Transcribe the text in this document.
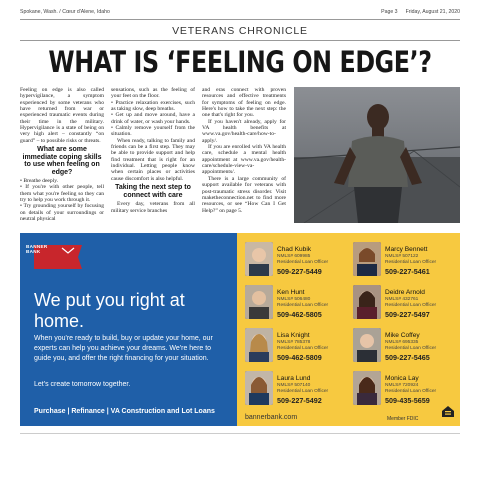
Spokane, Wash. / Cœur d'Alene, Idaho	Page 3 Friday, August 21, 2020
VETERANS CHRONICLE
WHAT IS ‘FEELING ON EDGE’?

Feeling on edge is also called hypervigilance, a symptom experienced by some veterans who have returned from war or experienced traumatic events during their time in the military. Hypervigilance is a state of being on very high alert – constantly “on guard” – to possible risks or threats.

What are some immediate coping skills to use when feeling on edge?

• Breathe deeply.

• If you're with other people, tell them what you're feeling so they can try to help you work through it.

• Try grounding yourself by focusing on details of your surroundings or neutral physical

sensations, such as the feeling of your feet on the floor.

• Practice relaxation exercises, such as taking slow, deep breaths.

• Get up and move around, have a drink of water, or wash your hands.

• Calmly remove yourself from the situation.

When ready, talking to family and friends can be a first step. They may be able to provide support and help find treatment that is right for an individual. Letting people know when certain places or activities cause discomfort is also helpful.

Taking the next step to connect with care

Every day, veterans from all military service branches

and eras connect with proven resources and effective treatments for symptoms of feeling on edge. Here's how to take the next step: the one that's right for you.

If you haven't already, apply for VA health benefits at www.va.gov/health-care/how-to-apply/.

If you are enrolled with VA health care, schedule a mental health appointment at www.va.gov/health-care/schedule-view-va-appointments/.

There is a large community of support available for veterans with post-traumatic stress disorder. Visit maketheconnection.net to find more resources, or see “How Can I Get Help?” on page 5.

BANNER
BANK
We put you right at home.
When you're ready to build, buy or update your home, our experts can help you achieve your dreams. We're here to guide you, and offer the right financing for your situation.
Let's create tomorrow together.
Purchase | Refinance | VA Construction and Lot Loans
Chad Kubik
NMLS# 609985
Residential Loan Officer
509-227-5449
Marcy Bennett
NMLS# 507122
Residential Loan Officer
509-227-5461
Ken Hunt
NMLS# 506480
Residential Loan Officer
509-462-5805
Deidre Arnold
NMLS# 432761
Residential Loan Officer
509-227-5497
Lisa Knight
NMLS# 785378
Residential Loan Officer
509-462-5809
Mike Coffey
NMLS# 695335
Residential Loan Officer
509-227-5465
Laura Lund
NMLS# 507140
Residential Loan Officer
509-227-5492
Monica Lay
NMLS# 720924
Residential Loan Officer
509-435-5659
bannerbank.com	Member FDIC
